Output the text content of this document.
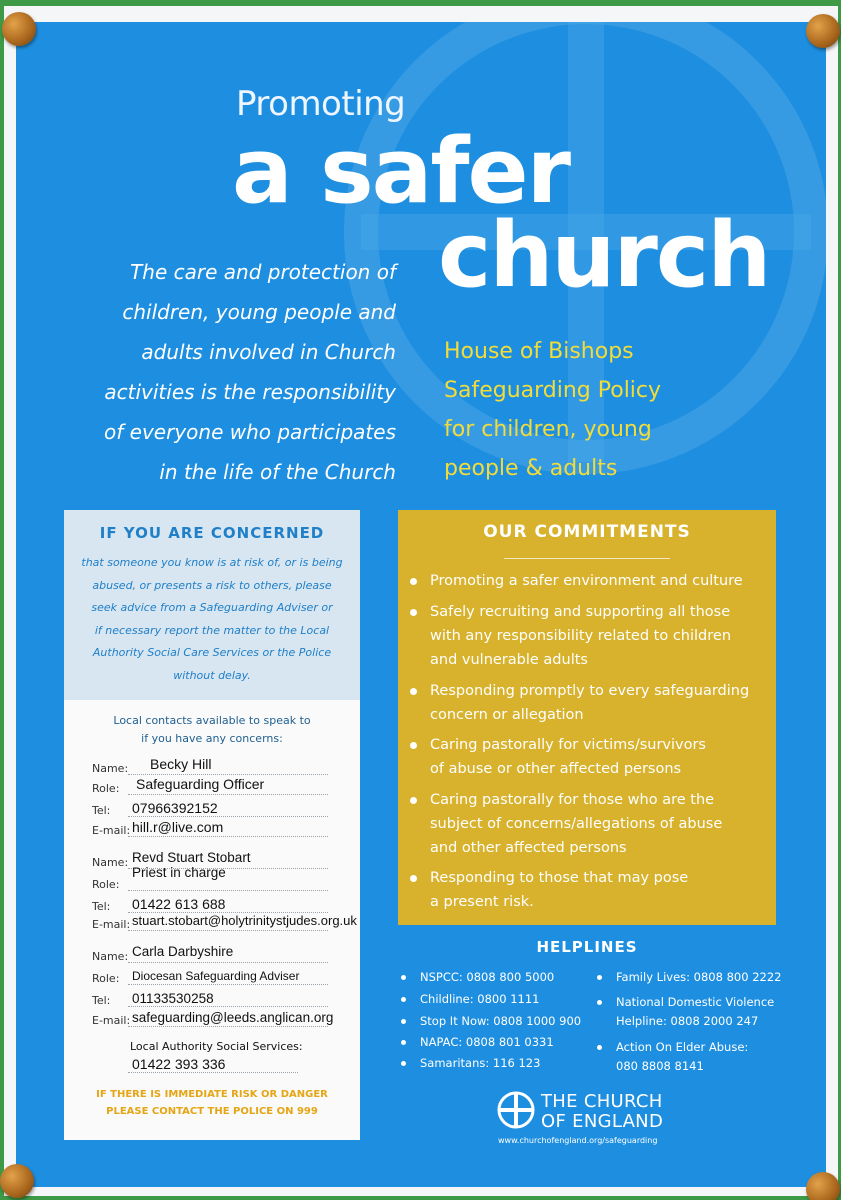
Promoting
a safer
church
The care and protection of
children, young people and
adults involved in Church
activities is the responsibility
of everyone who participates
in the life of the Church
House of Bishops
Safeguarding Policy
for children, young
people & adults
IF YOU ARE CONCERNED
that someone you know is at risk of, or is being
abused, or presents a risk to others, please
seek advice from a Safeguarding Adviser or
if necessary report the matter to the Local
Authority Social Care Services or the Police
without delay.
Local contacts available to speak to
if you have any concerns:
Name: Becky Hill
Role: Safeguarding Officer
Tel: 07966392152
E-mail: hill.r@live.com
Name: Revd Stuart Stobart
Role:
Priest in charge
Tel: 01422 613 688
E-mail: stuart.stobart@holytrinitystjudes.org.uk
Name: Carla Darbyshire
Role: Diocesan Safeguarding Adviser
Tel: 01133530258
E-mail: safeguarding@leeds.anglican.org
Local Authority Social Services:
01422 393 336
IF THERE IS IMMEDIATE RISK OR DANGER
PLEASE CONTACT THE POLICE ON 999
OUR COMMITMENTS
Promoting a safer environment and culture
Safely recruiting and supporting all those
with any responsibility related to children
and vulnerable adults
Responding promptly to every safeguarding
concern or allegation
Caring pastorally for victims/survivors
of abuse or other affected persons
Caring pastorally for those who are the
subject of concerns/allegations of abuse
and other affected persons
Responding to those that may pose
a present risk.
HELPLINES
NSPCC: 0808 800 5000
Childline: 0800 1111
Stop It Now: 0808 1000 900
NAPAC: 0808 801 0331
Samaritans: 116 123
Family Lives: 0808 800 2222
National Domestic Violence
Helpline: 0808 2000 247
Action On Elder Abuse:
080 8808 8141
THE CHURCH
OF ENGLAND
www.churchofengland.org/safeguarding
